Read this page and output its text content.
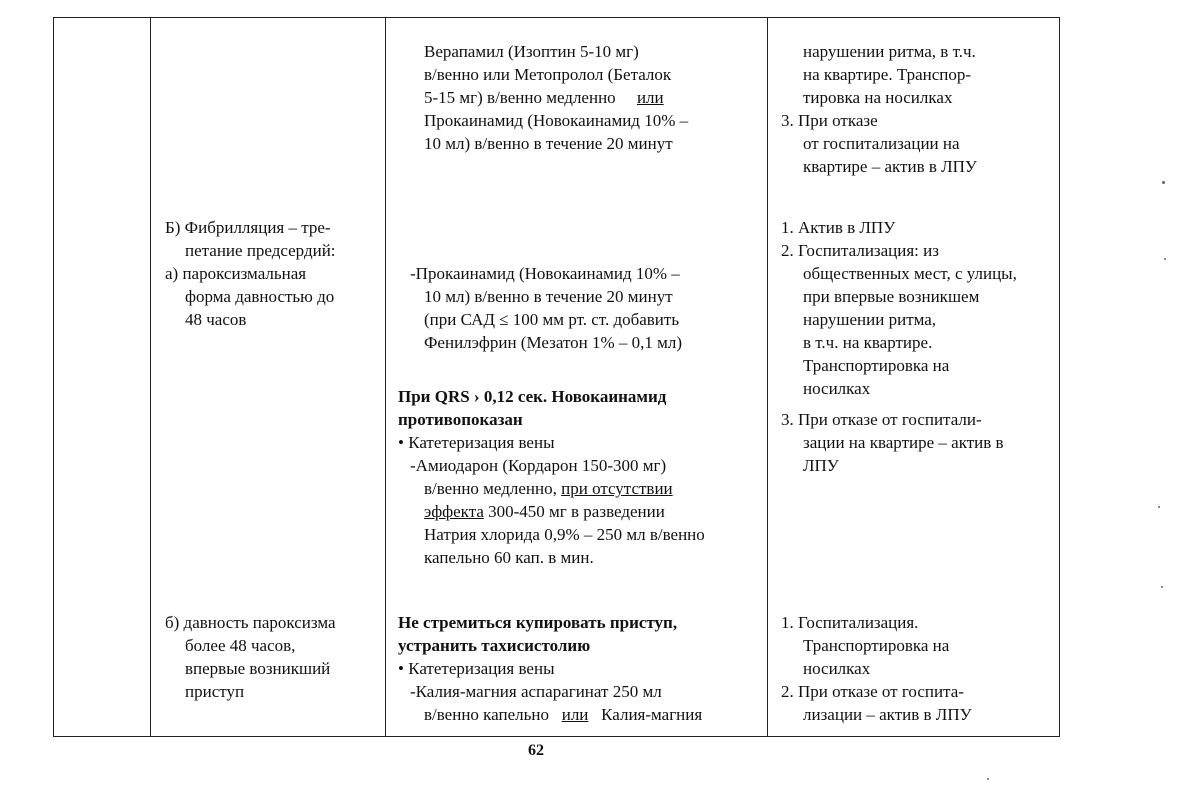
Б) Фибрилляция – тре-
петание предсердий:
а) пароксизмальная
форма давностью до
48 часов
б) давность пароксизма
более 48 часов,
впервые возникший
приступ
Верапамил (Изоптин 5-10 мг)
в/венно или Метопролол (Беталок
5-15 мг) в/венно медленно или
Прокаинамид (Новокаинамид 10% –
10 мл) в/венно в течение 20 минут
-Прокаинамид (Новокаинамид 10% –
10 мл) в/венно в течение 20 минут
(при САД ≤ 100 мм рт. ст. добавить
Фенилэфрин (Мезатон 1% – 0,1 мл)
При QRS › 0,12 сек. Новокаинамид
противопоказан
• Катетеризация вены
-Амиодарон (Кордарон 150-300 мг)
в/венно медленно, при отсутствии
эффекта 300-450 мг в разведении
Натрия хлорида 0,9% – 250 мл в/венно
капельно 60 кап. в мин.
Не стремиться купировать приступ,
устранить тахисистолию
• Катетеризация вены
-Калия-магния аспарагинат 250 мл
в/венно капельно или Калия-магния
нарушении ритма, в т.ч.
на квартире. Транспор-
тировка на носилках
3. При отказе
от госпитализации на
квартире – актив в ЛПУ
1. Актив в ЛПУ
2. Госпитализация: из
общественных мест, с улицы,
при впервые возникшем
нарушении ритма,
в т.ч. на квартире.
Транспортировка на
носилках
3. При отказе от госпитали-
зации на квартире – актив в
ЛПУ
1. Госпитализация.
Транспортировка на
носилках
2. При отказе от госпита-
лизации – актив в ЛПУ
62
